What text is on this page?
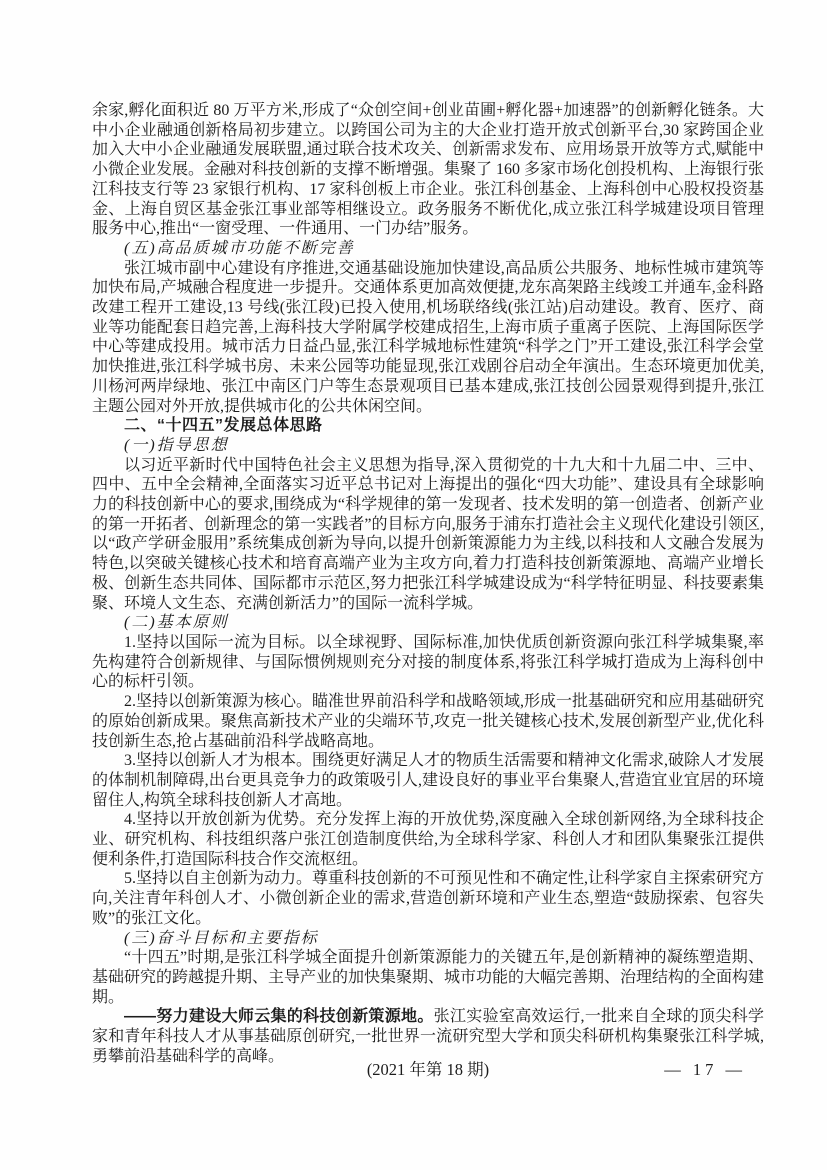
余家,孵化面积近 80 万平方米,形成了“众创空间+创业苗圃+孵化器+加速器”的创新孵化链条。大中小企业融通创新格局初步建立。以跨国公司为主的大企业打造开放式创新平台,30 家跨国企业加入大中小企业融通发展联盟,通过联合技术攻关、创新需求发布、应用场景开放等方式,赋能中小微企业发展。金融对科技创新的支撑不断增强。集聚了 160 多家市场化创投机构、上海银行张江科技支行等 23 家银行机构、17 家科创板上市企业。张江科创基金、上海科创中心股权投资基金、上海自贸区基金张江事业部等相继设立。政务服务不断优化,成立张江科学城建设项目管理服务中心,推出“一窗受理、一件通用、一门办结”服务。

(五)高品质城市功能不断完善

张江城市副中心建设有序推进,交通基础设施加快建设,高品质公共服务、地标性城市建筑等加快布局,产城融合程度进一步提升。交通体系更加高效便捷,龙东高架路主线竣工并通车,金科路改建工程开工建设,13 号线(张江段)已投入使用,机场联络线(张江站)启动建设。教育、医疗、商业等功能配套日趋完善,上海科技大学附属学校建成招生,上海市质子重离子医院、上海国际医学中心等建成投用。城市活力日益凸显,张江科学城地标性建筑“科学之门”开工建设,张江科学会堂加快推进,张江科学城书房、未来公园等功能显现,张江戏剧谷启动全年演出。生态环境更加优美,川杨河两岸绿地、张江中南区门户等生态景观项目已基本建成,张江技创公园景观得到提升,张江主题公园对外开放,提供城市化的公共休闲空间。

二、“十四五”发展总体思路

(一)指导思想

以习近平新时代中国特色社会主义思想为指导,深入贯彻党的十九大和十九届二中、三中、四中、五中全会精神,全面落实习近平总书记对上海提出的强化“四大功能”、建设具有全球影响力的科技创新中心的要求,围绕成为“科学规律的第一发现者、技术发明的第一创造者、创新产业的第一开拓者、创新理念的第一实践者”的目标方向,服务于浦东打造社会主义现代化建设引领区,以“政产学研金服用”系统集成创新为导向,以提升创新策源能力为主线,以科技和人文融合发展为特色,以突破关键核心技术和培育高端产业为主攻方向,着力打造科技创新策源地、高端产业增长极、创新生态共同体、国际都市示范区,努力把张江科学城建设成为“科学特征明显、科技要素集聚、环境人文生态、充满创新活力”的国际一流科学城。

(二)基本原则

1.坚持以国际一流为目标。以全球视野、国际标准,加快优质创新资源向张江科学城集聚,率先构建符合创新规律、与国际惯例规则充分对接的制度体系,将张江科学城打造成为上海科创中心的标杆引领。

2.坚持以创新策源为核心。瞄准世界前沿科学和战略领域,形成一批基础研究和应用基础研究的原始创新成果。聚焦高新技术产业的尖端环节,攻克一批关键核心技术,发展创新型产业,优化科技创新生态,抢占基础前沿科学战略高地。

3.坚持以创新人才为根本。围绕更好满足人才的物质生活需要和精神文化需求,破除人才发展的体制机制障碍,出台更具竞争力的政策吸引人,建设良好的事业平台集聚人,营造宜业宜居的环境留住人,构筑全球科技创新人才高地。

4.坚持以开放创新为优势。充分发挥上海的开放优势,深度融入全球创新网络,为全球科技企业、研究机构、科技组织落户张江创造制度供给,为全球科学家、科创人才和团队集聚张江提供便利条件,打造国际科技合作交流枢纽。

5.坚持以自主创新为动力。尊重科技创新的不可预见性和不确定性,让科学家自主探索研究方向,关注青年科创人才、小微创新企业的需求,营造创新环境和产业生态,塑造“鼓励探索、包容失败”的张江文化。

(三)奋斗目标和主要指标

“十四五”时期,是张江科学城全面提升创新策源能力的关键五年,是创新精神的凝练塑造期、基础研究的跨越提升期、主导产业的加快集聚期、城市功能的大幅完善期、治理结构的全面构建期。

——努力建设大师云集的科技创新策源地。张江实验室高效运行,一批来自全球的顶尖科学家和青年科技人才从事基础原创研究,一批世界一流研究型大学和顶尖科研机构集聚张江科学城,勇攀前沿基础科学的高峰。

(2021 年第 18 期)	— 17 —
